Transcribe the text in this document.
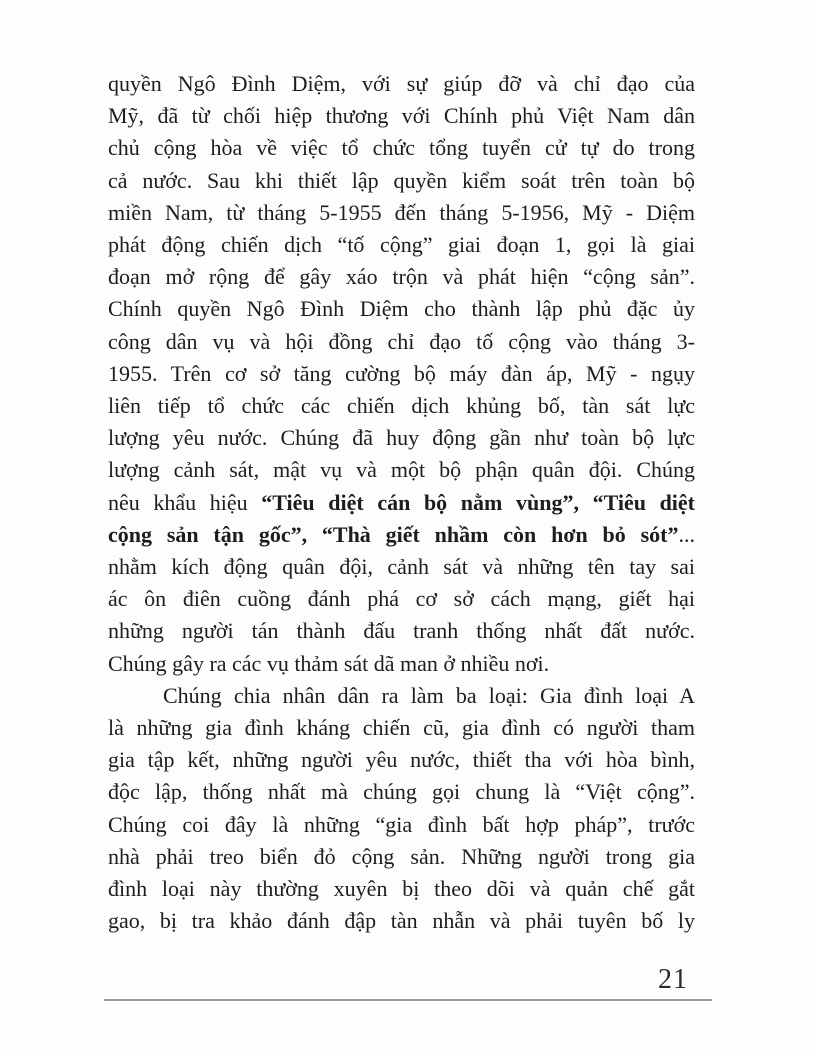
quyền Ngô Đình Diệm, với sự giúp đỡ và chỉ đạo của
Mỹ, đã từ chối hiệp thương với Chính phủ Việt Nam dân
chủ cộng hòa về việc tổ chức tổng tuyển cử tự do trong
cả nước. Sau khi thiết lập quyền kiểm soát trên toàn bộ
miền Nam, từ tháng 5-1955 đến tháng 5-1956, Mỹ - Diệm
phát động chiến dịch “tố cộng” giai đoạn 1, gọi là giai
đoạn mở rộng để gây xáo trộn và phát hiện “cộng sản”.
Chính quyền Ngô Đình Diệm cho thành lập phủ đặc ủy
công dân vụ và hội đồng chỉ đạo tố cộng vào tháng 3-
1955. Trên cơ sở tăng cường bộ máy đàn áp, Mỹ - ngụy
liên tiếp tổ chức các chiến dịch khủng bố, tàn sát lực
lượng yêu nước. Chúng đã huy động gần như toàn bộ lực
lượng cảnh sát, mật vụ và một bộ phận quân đội. Chúng
nêu khẩu hiệu “Tiêu diệt cán bộ nằm vùng”, “Tiêu diệt
cộng sản tận gốc”, “Thà giết nhầm còn hơn bỏ sót”...
nhằm kích động quân đội, cảnh sát và những tên tay sai
ác ôn điên cuồng đánh phá cơ sở cách mạng, giết hại
những người tán thành đấu tranh thống nhất đất nước.
Chúng gây ra các vụ thảm sát dã man ở nhiều nơi.
Chúng chia nhân dân ra làm ba loại: Gia đình loại A
là những gia đình kháng chiến cũ, gia đình có người tham
gia tập kết, những người yêu nước, thiết tha với hòa bình,
độc lập, thống nhất mà chúng gọi chung là “Việt cộng”.
Chúng coi đây là những “gia đình bất hợp pháp”, trước
nhà phải treo biển đỏ cộng sản. Những người trong gia
đình loại này thường xuyên bị theo dõi và quản chế gắt
gao, bị tra khảo đánh đập tàn nhẫn và phải tuyên bố ly
21
